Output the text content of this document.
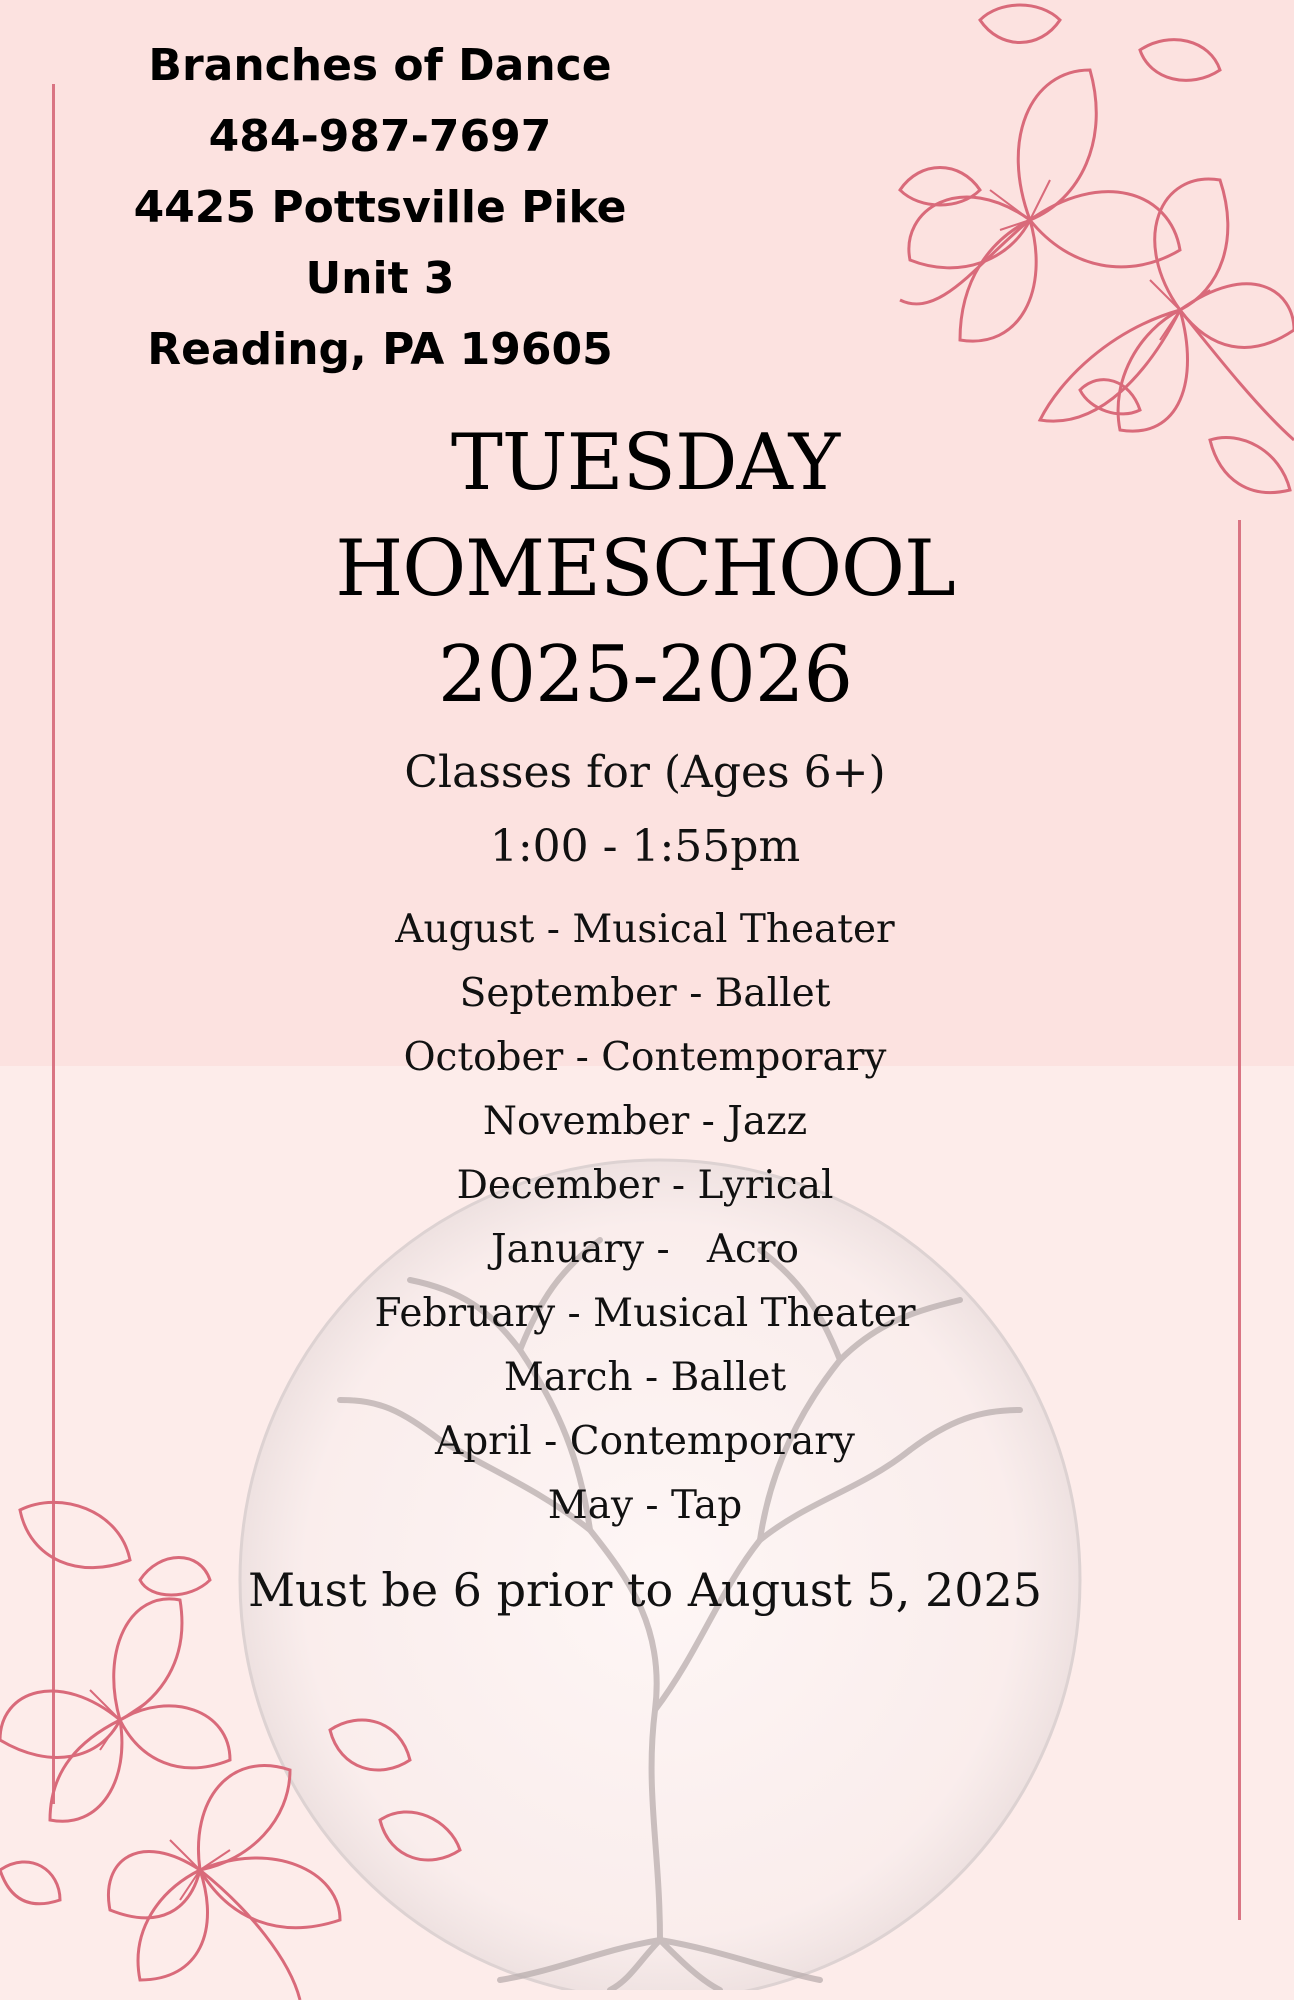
Branches of Dance
484-987-7697
4425 Pottsville Pike
Unit 3
Reading, PA 19605
TUESDAY
HOMESCHOOL
2025-2026
Classes for (Ages 6+)
1:00 - 1:55pm
August - Musical Theater
September - Ballet
October - Contemporary
November - Jazz
December - Lyrical
January -   Acro
February - Musical Theater
March - Ballet
April - Contemporary
May - Tap
Must be 6 prior to August 5, 2025
